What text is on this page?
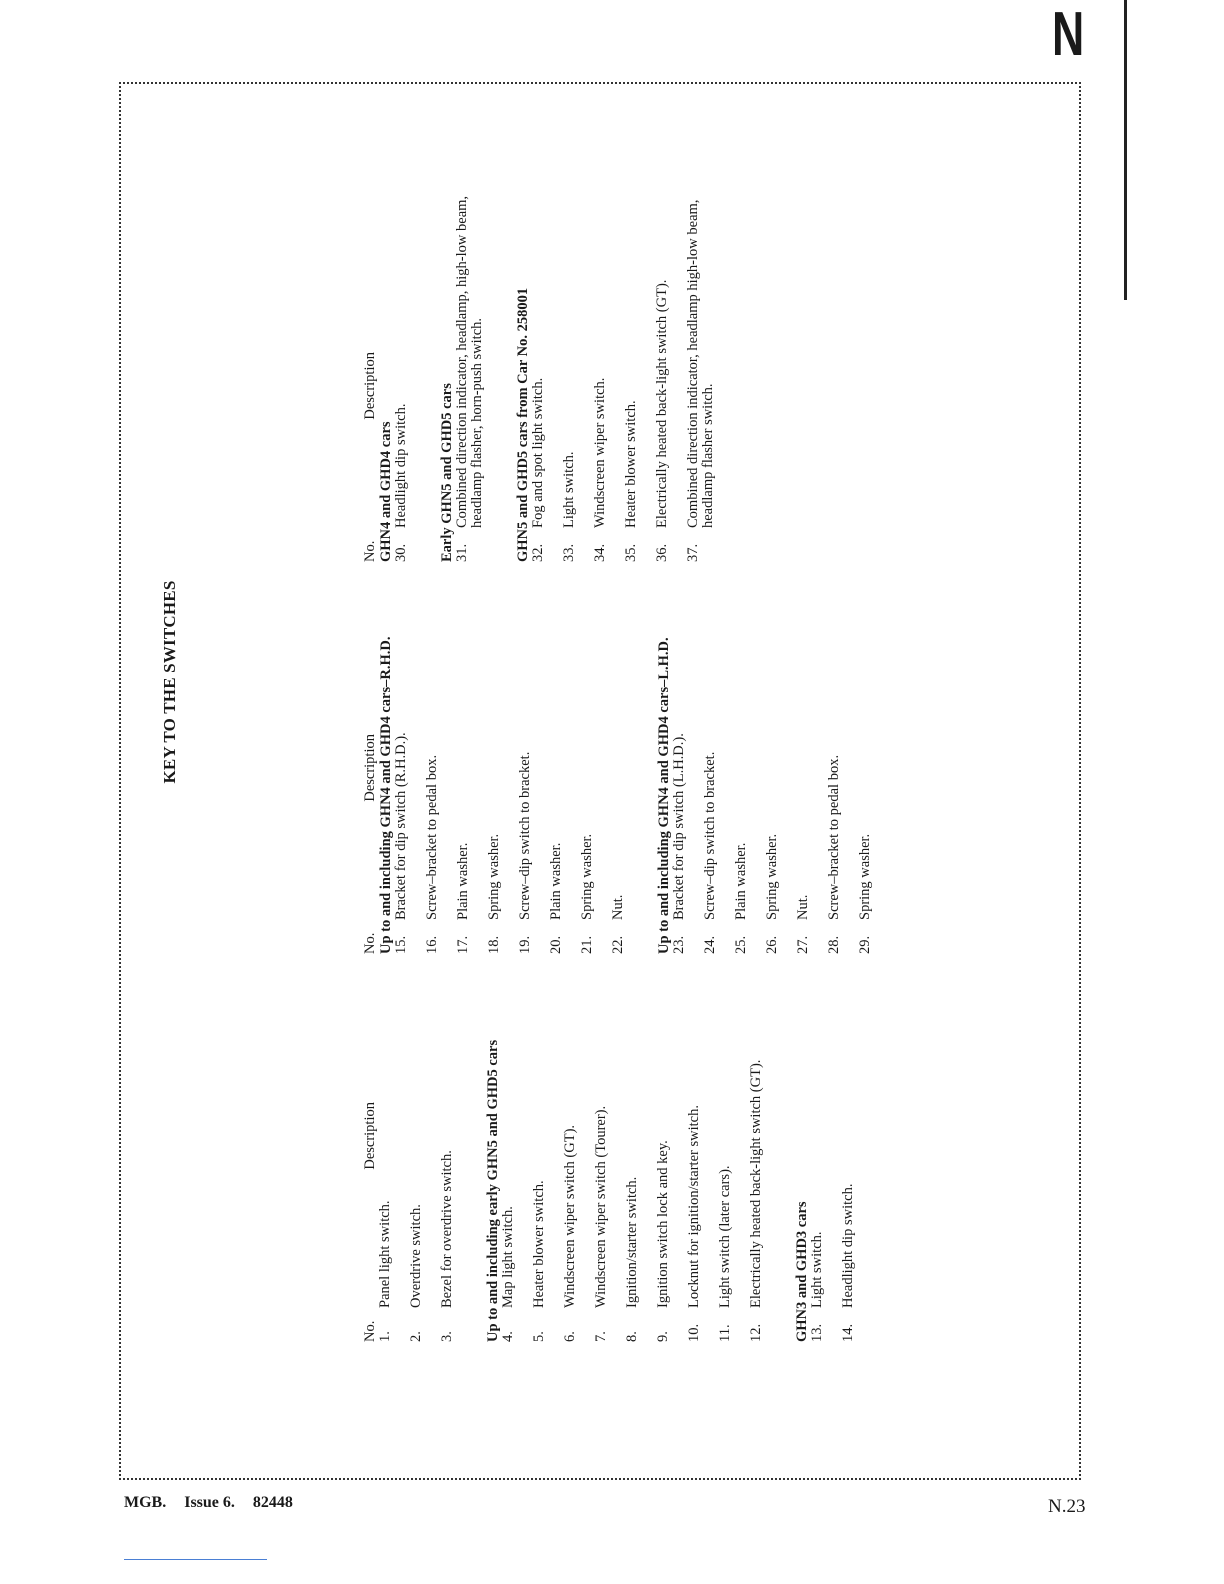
N
KEY TO THE SWITCHES
No.
Description
1.
Panel light switch.
2.
Overdrive switch.
3.
Bezel for overdrive switch. Up to and including early GHN5 and GHD5 cars 4.
Map light switch.
5.
Heater blower switch.
6.
Windscreen wiper switch (GT).
7.
Windscreen wiper switch (Tourer).
8.
Ignition/starter switch.
9.
Ignition switch lock and key.
10.
Locknut for ignition/starter switch.
11.
Light switch (later cars).
12.
Electrically heated back-light switch (GT). GHN3 and GHD3 cars 13.
Light switch.
14.
Headlight dip switch.
No.
Description Up to and including GHN4 and GHD4 cars–R.H.D. 15.
Bracket for dip switch (R.H.D.).
16.
Screw–bracket to pedal box.
17.
Plain washer.
18.
Spring washer.
19.
Screw–dip switch to bracket.
20.
Plain washer.
21.
Spring washer.
22.
Nut. Up to and including GHN4 and GHD4 cars–L.H.D. 23.
Bracket for dip switch (L.H.D.).
24.
Screw–dip switch to bracket.
25.
Plain washer.
26.
Spring washer.
27.
Nut.
28.
Screw–bracket to pedal box.
29.
Spring washer.
No.
Description
GHN4 and GHD4 cars 30.
Headlight dip switch. Early GHN5 and GHD5 cars 31.
Combined direction indicator, headlamp, high-low beam, headlamp flasher, horn-push switch. GHN5 and GHD5 cars from Car No. 258001 32.
Fog and spot light switch.
33.
Light switch.
34.
Windscreen wiper switch.
35.
Heater blower switch.
36.
Electrically heated back-light switch (GT).
37.
Combined direction indicator, headlamp high-low beam, headlamp flasher switch.
MGB. Issue 6. 82448	N.23
